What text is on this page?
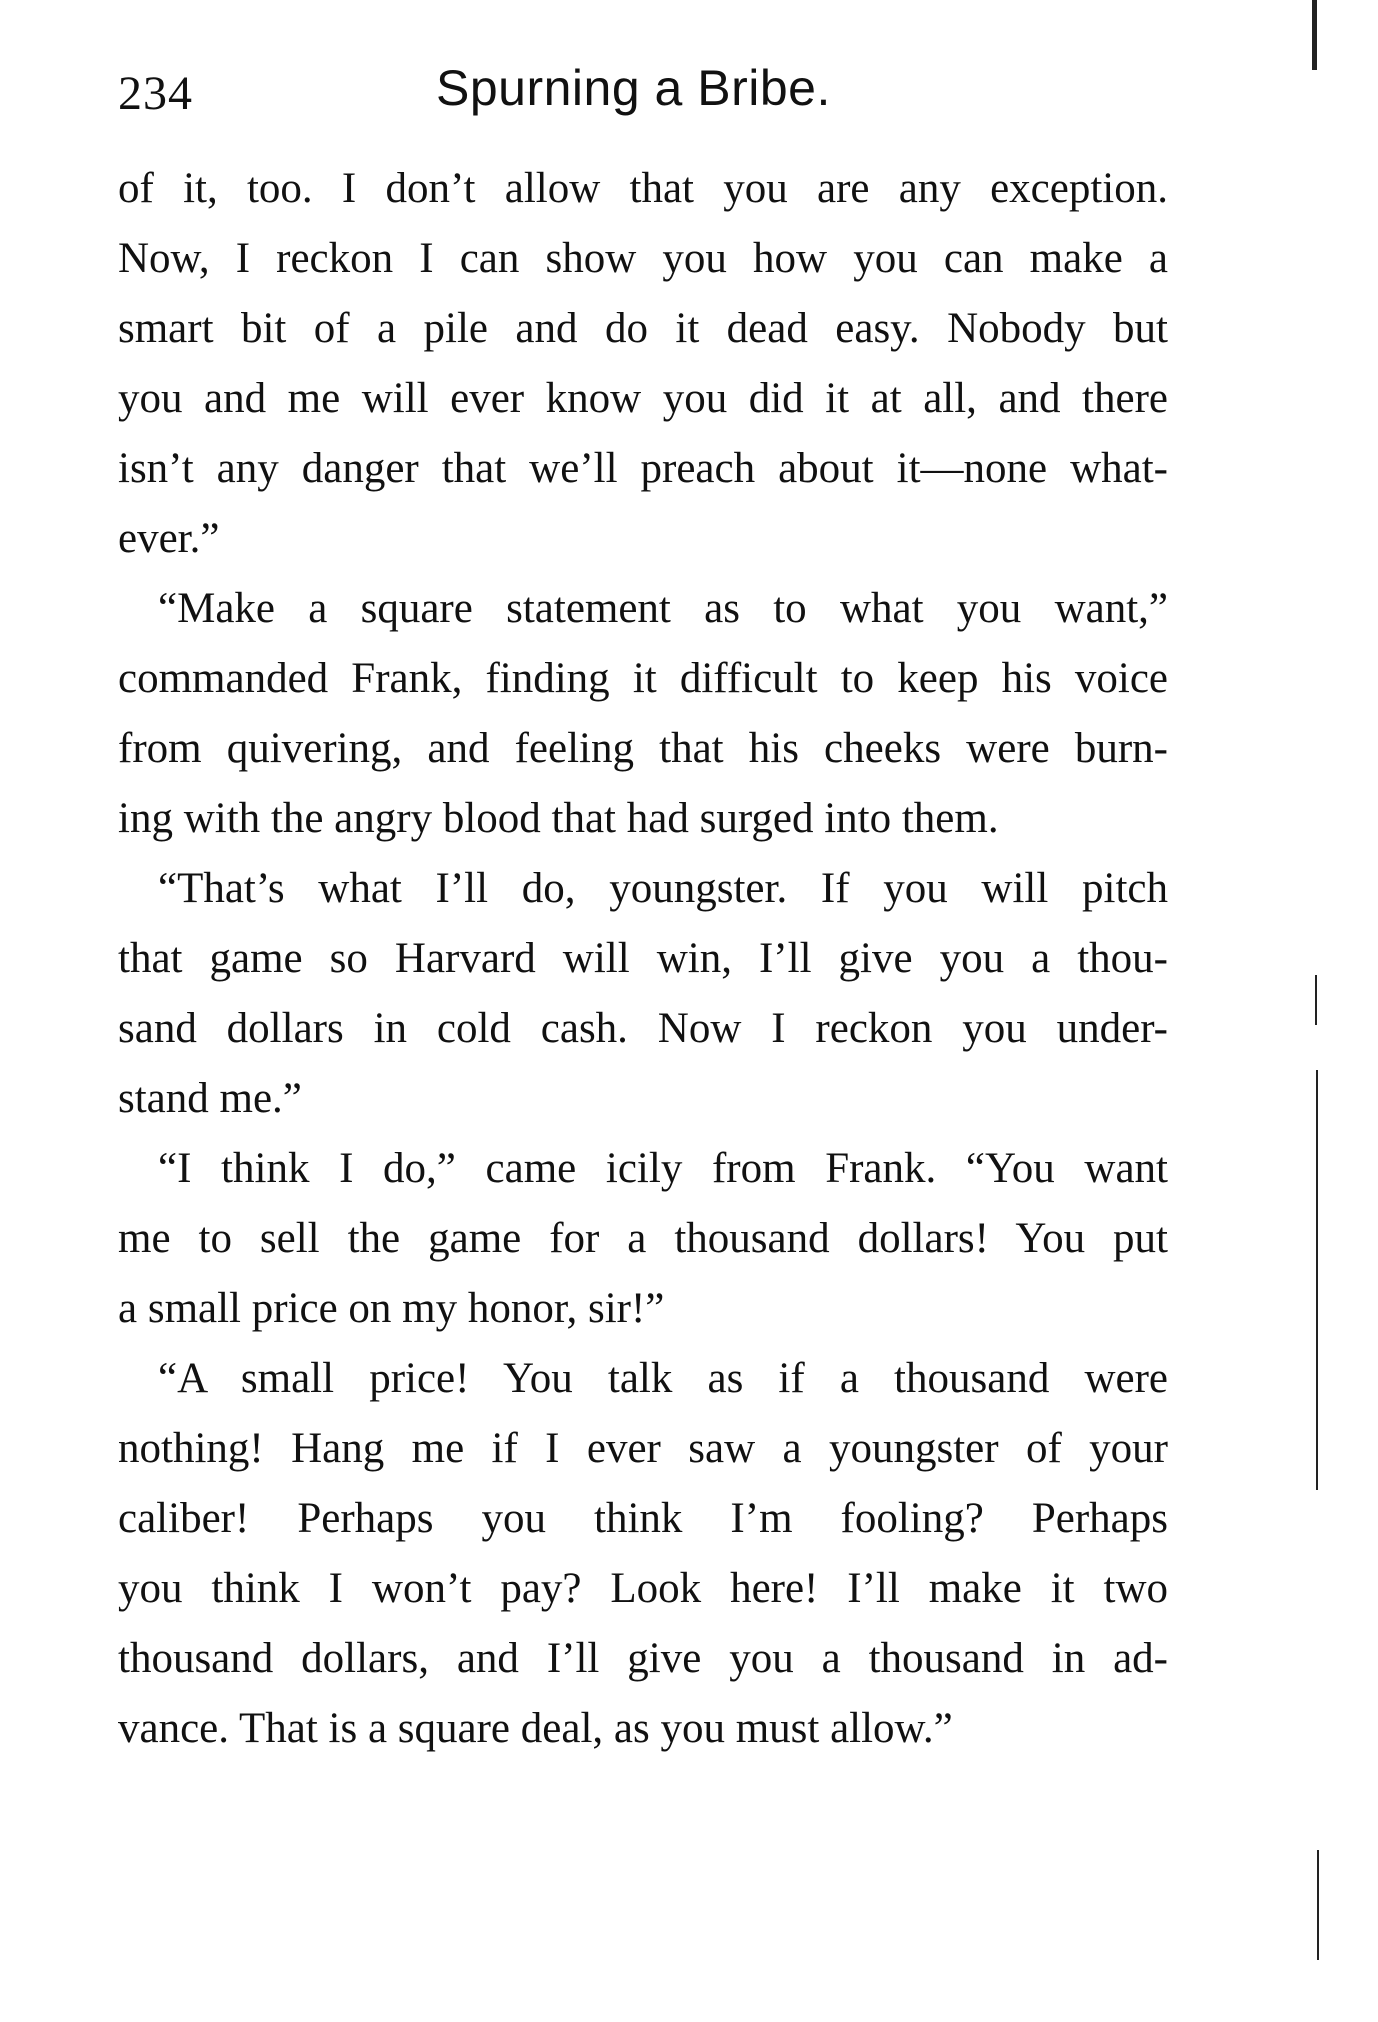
234	Spurning a Bribe.
of it, too. I don’t allow that you are any exception.
Now, I reckon I can show you how you can make a
smart bit of a pile and do it dead easy. Nobody but
you and me will ever know you did it at all, and there
isn’t any danger that we’ll preach about it—none what-
ever.”
“Make a square statement as to what you want,”
commanded Frank, finding it difficult to keep his voice
from quivering, and feeling that his cheeks were burn-
ing with the angry blood that had surged into them.
“That’s what I’ll do, youngster. If you will pitch
that game so Harvard will win, I’ll give you a thou-
sand dollars in cold cash. Now I reckon you under-
stand me.”
“I think I do,” came icily from Frank. “You want
me to sell the game for a thousand dollars! You put
a small price on my honor, sir!”
“A small price! You talk as if a thousand were
nothing! Hang me if I ever saw a youngster of your
caliber! Perhaps you think I’m fooling? Perhaps
you think I won’t pay? Look here! I’ll make it two
thousand dollars, and I’ll give you a thousand in ad-
vance. That is a square deal, as you must allow.”
